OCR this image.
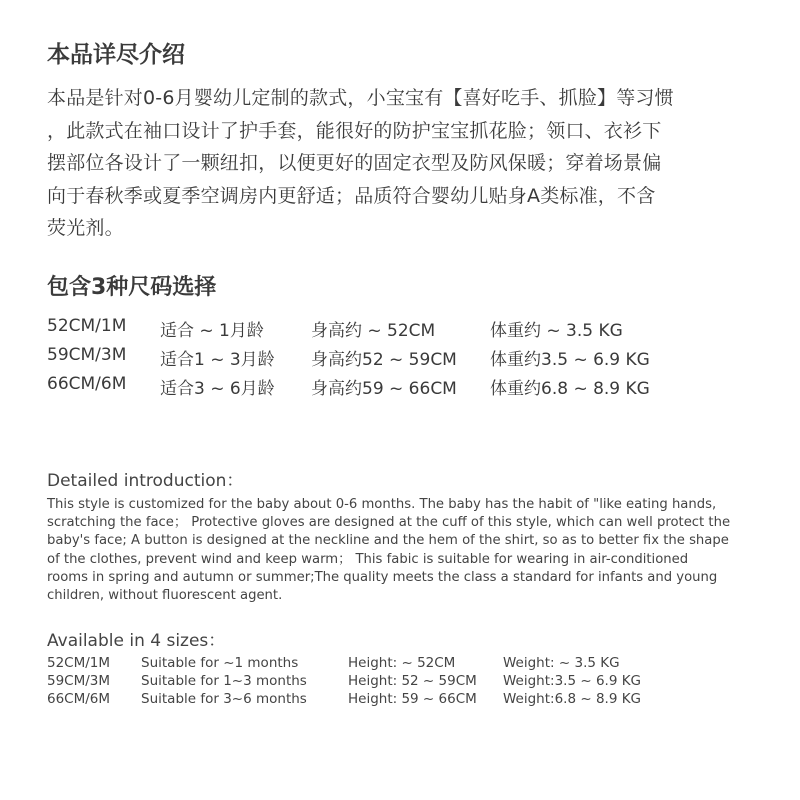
本品详尽介绍
本品是针对0-6月婴幼儿定制的款式，小宝宝有【喜好吃手、抓脸】等习惯
，此款式在袖口设计了护手套，能很好的防护宝宝抓花脸；领口、衣衫下
摆部位各设计了一颗纽扣，以便更好的固定衣型及防风保暖；穿着场景偏
向于春秋季或夏季空调房内更舒适；品质符合婴幼儿贴身A类标准，不含
荧光剂。
包含3种尺码选择
52CM/1M 适合 ~ 1月龄	身高约 ~ 52CM	体重约 ~ 3.5 KG
59CM/3M 适合1 ~ 3月龄 身高约52 ~ 59CM 体重约3.5 ~ 6.9 KG
66CM/6M 适合3 ~ 6月龄 身高约59 ~ 66CM 体重约6.8 ~ 8.9 KG
Detailed introduction：
This style is customized for the baby about 0-6 months. The baby has the habit of "like eating hands,
scratching the face； Protective gloves are designed at the cuff of this style, which can well protect the
baby's face; A button is designed at the neckline and the hem of the shirt, so as to better fix the shape
of the clothes, prevent wind and keep warm； This fabic is suitable for wearing in air-conditioned
rooms in spring and autumn or summer;The quality meets the class a standard for infants and young
children, without fluorescent agent.
Available in 4 sizes：
52CM/1M Suitable for ~1 months	Height: ~ 52CM	Weight: ~ 3.5 KG
59CM/3M Suitable for 1~3 months	Height: 52 ~ 59CM Weight:3.5 ~ 6.9 KG
66CM/6M Suitable for 3~6 months	Height: 59 ~ 66CM Weight:6.8 ~ 8.9 KG
